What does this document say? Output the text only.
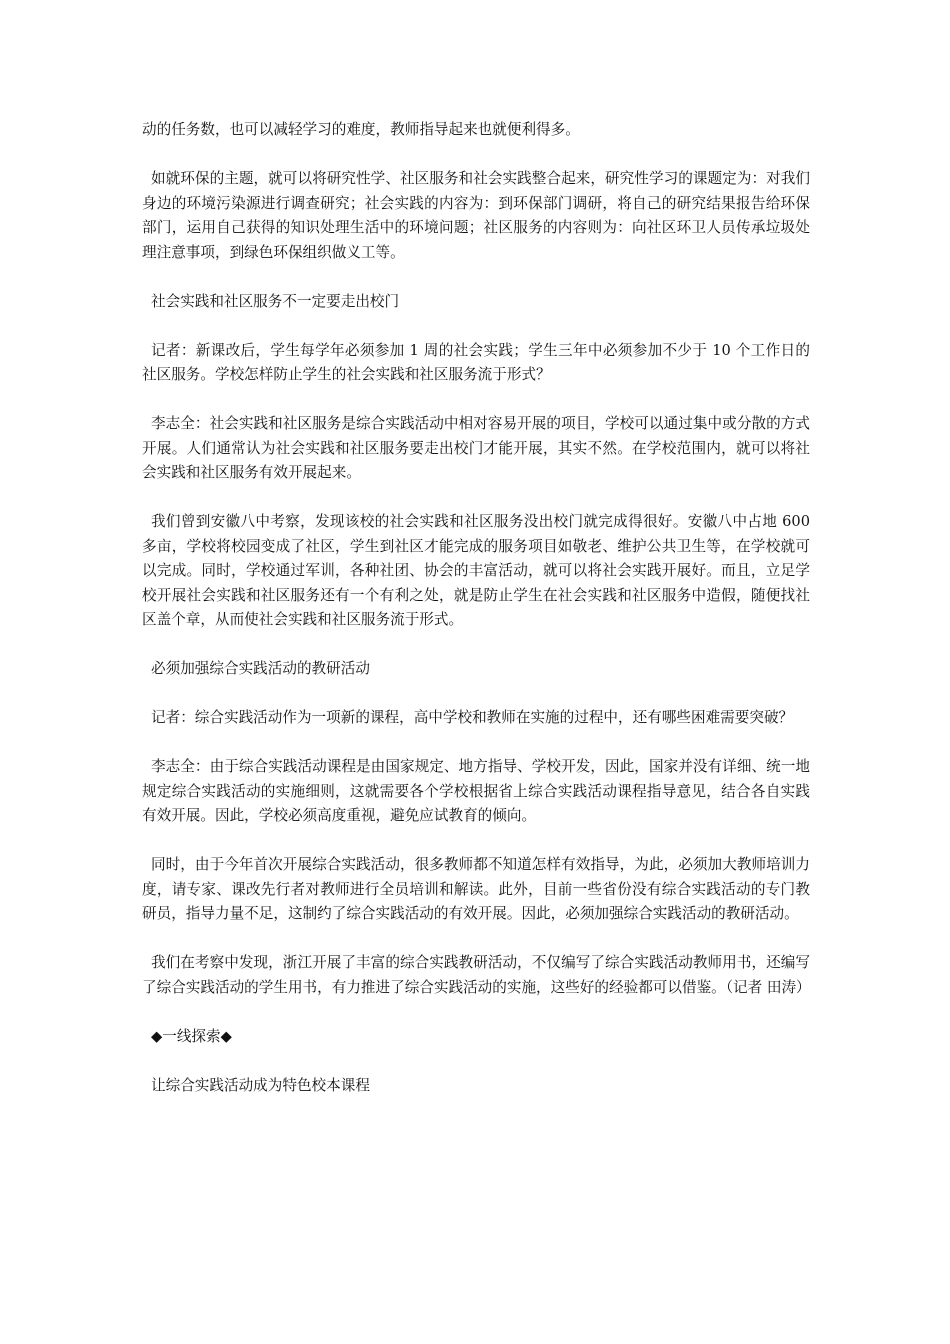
动的任务数，也可以减轻学习的难度，教师指导起来也就便利得多。

如就环保的主题，就可以将研究性学、社区服务和社会实践整合起来，研究性学习的课题定为：对我们身边的环境污染源进行调查研究；社会实践的内容为：到环保部门调研，将自己的研究结果报告给环保部门，运用自己获得的知识处理生活中的环境问题；社区服务的内容则为：向社区环卫人员传承垃圾处理注意事项，到绿色环保组织做义工等。

社会实践和社区服务不一定要走出校门

记者：新课改后，学生每学年必须参加 1 周的社会实践；学生三年中必须参加不少于 10 个工作日的社区服务。学校怎样防止学生的社会实践和社区服务流于形式？

李志全：社会实践和社区服务是综合实践活动中相对容易开展的项目，学校可以通过集中或分散的方式开展。人们通常认为社会实践和社区服务要走出校门才能开展，其实不然。在学校范围内，就可以将社会实践和社区服务有效开展起来。

我们曾到安徽八中考察，发现该校的社会实践和社区服务没出校门就完成得很好。安徽八中占地 600 多亩，学校将校园变成了社区，学生到社区才能完成的服务项目如敬老、维护公共卫生等，在学校就可以完成。同时，学校通过军训，各种社团、协会的丰富活动，就可以将社会实践开展好。而且，立足学校开展社会实践和社区服务还有一个有利之处，就是防止学生在社会实践和社区服务中造假，随便找社区盖个章，从而使社会实践和社区服务流于形式。

必须加强综合实践活动的教研活动

记者：综合实践活动作为一项新的课程，高中学校和教师在实施的过程中，还有哪些困难需要突破？

李志全：由于综合实践活动课程是由国家规定、地方指导、学校开发，因此，国家并没有详细、统一地规定综合实践活动的实施细则，这就需要各个学校根据省上综合实践活动课程指导意见，结合各自实践有效开展。因此，学校必须高度重视，避免应试教育的倾向。

同时，由于今年首次开展综合实践活动，很多教师都不知道怎样有效指导，为此，必须加大教师培训力度，请专家、课改先行者对教师进行全员培训和解读。此外，目前一些省份没有综合实践活动的专门教研员，指导力量不足，这制约了综合实践活动的有效开展。因此，必须加强综合实践活动的教研活动。

我们在考察中发现，浙江开展了丰富的综合实践教研活动，不仅编写了综合实践活动教师用书，还编写了综合实践活动的学生用书，有力推进了综合实践活动的实施，这些好的经验都可以借鉴。（记者 田涛）

◆一线探索◆

让综合实践活动成为特色校本课程
